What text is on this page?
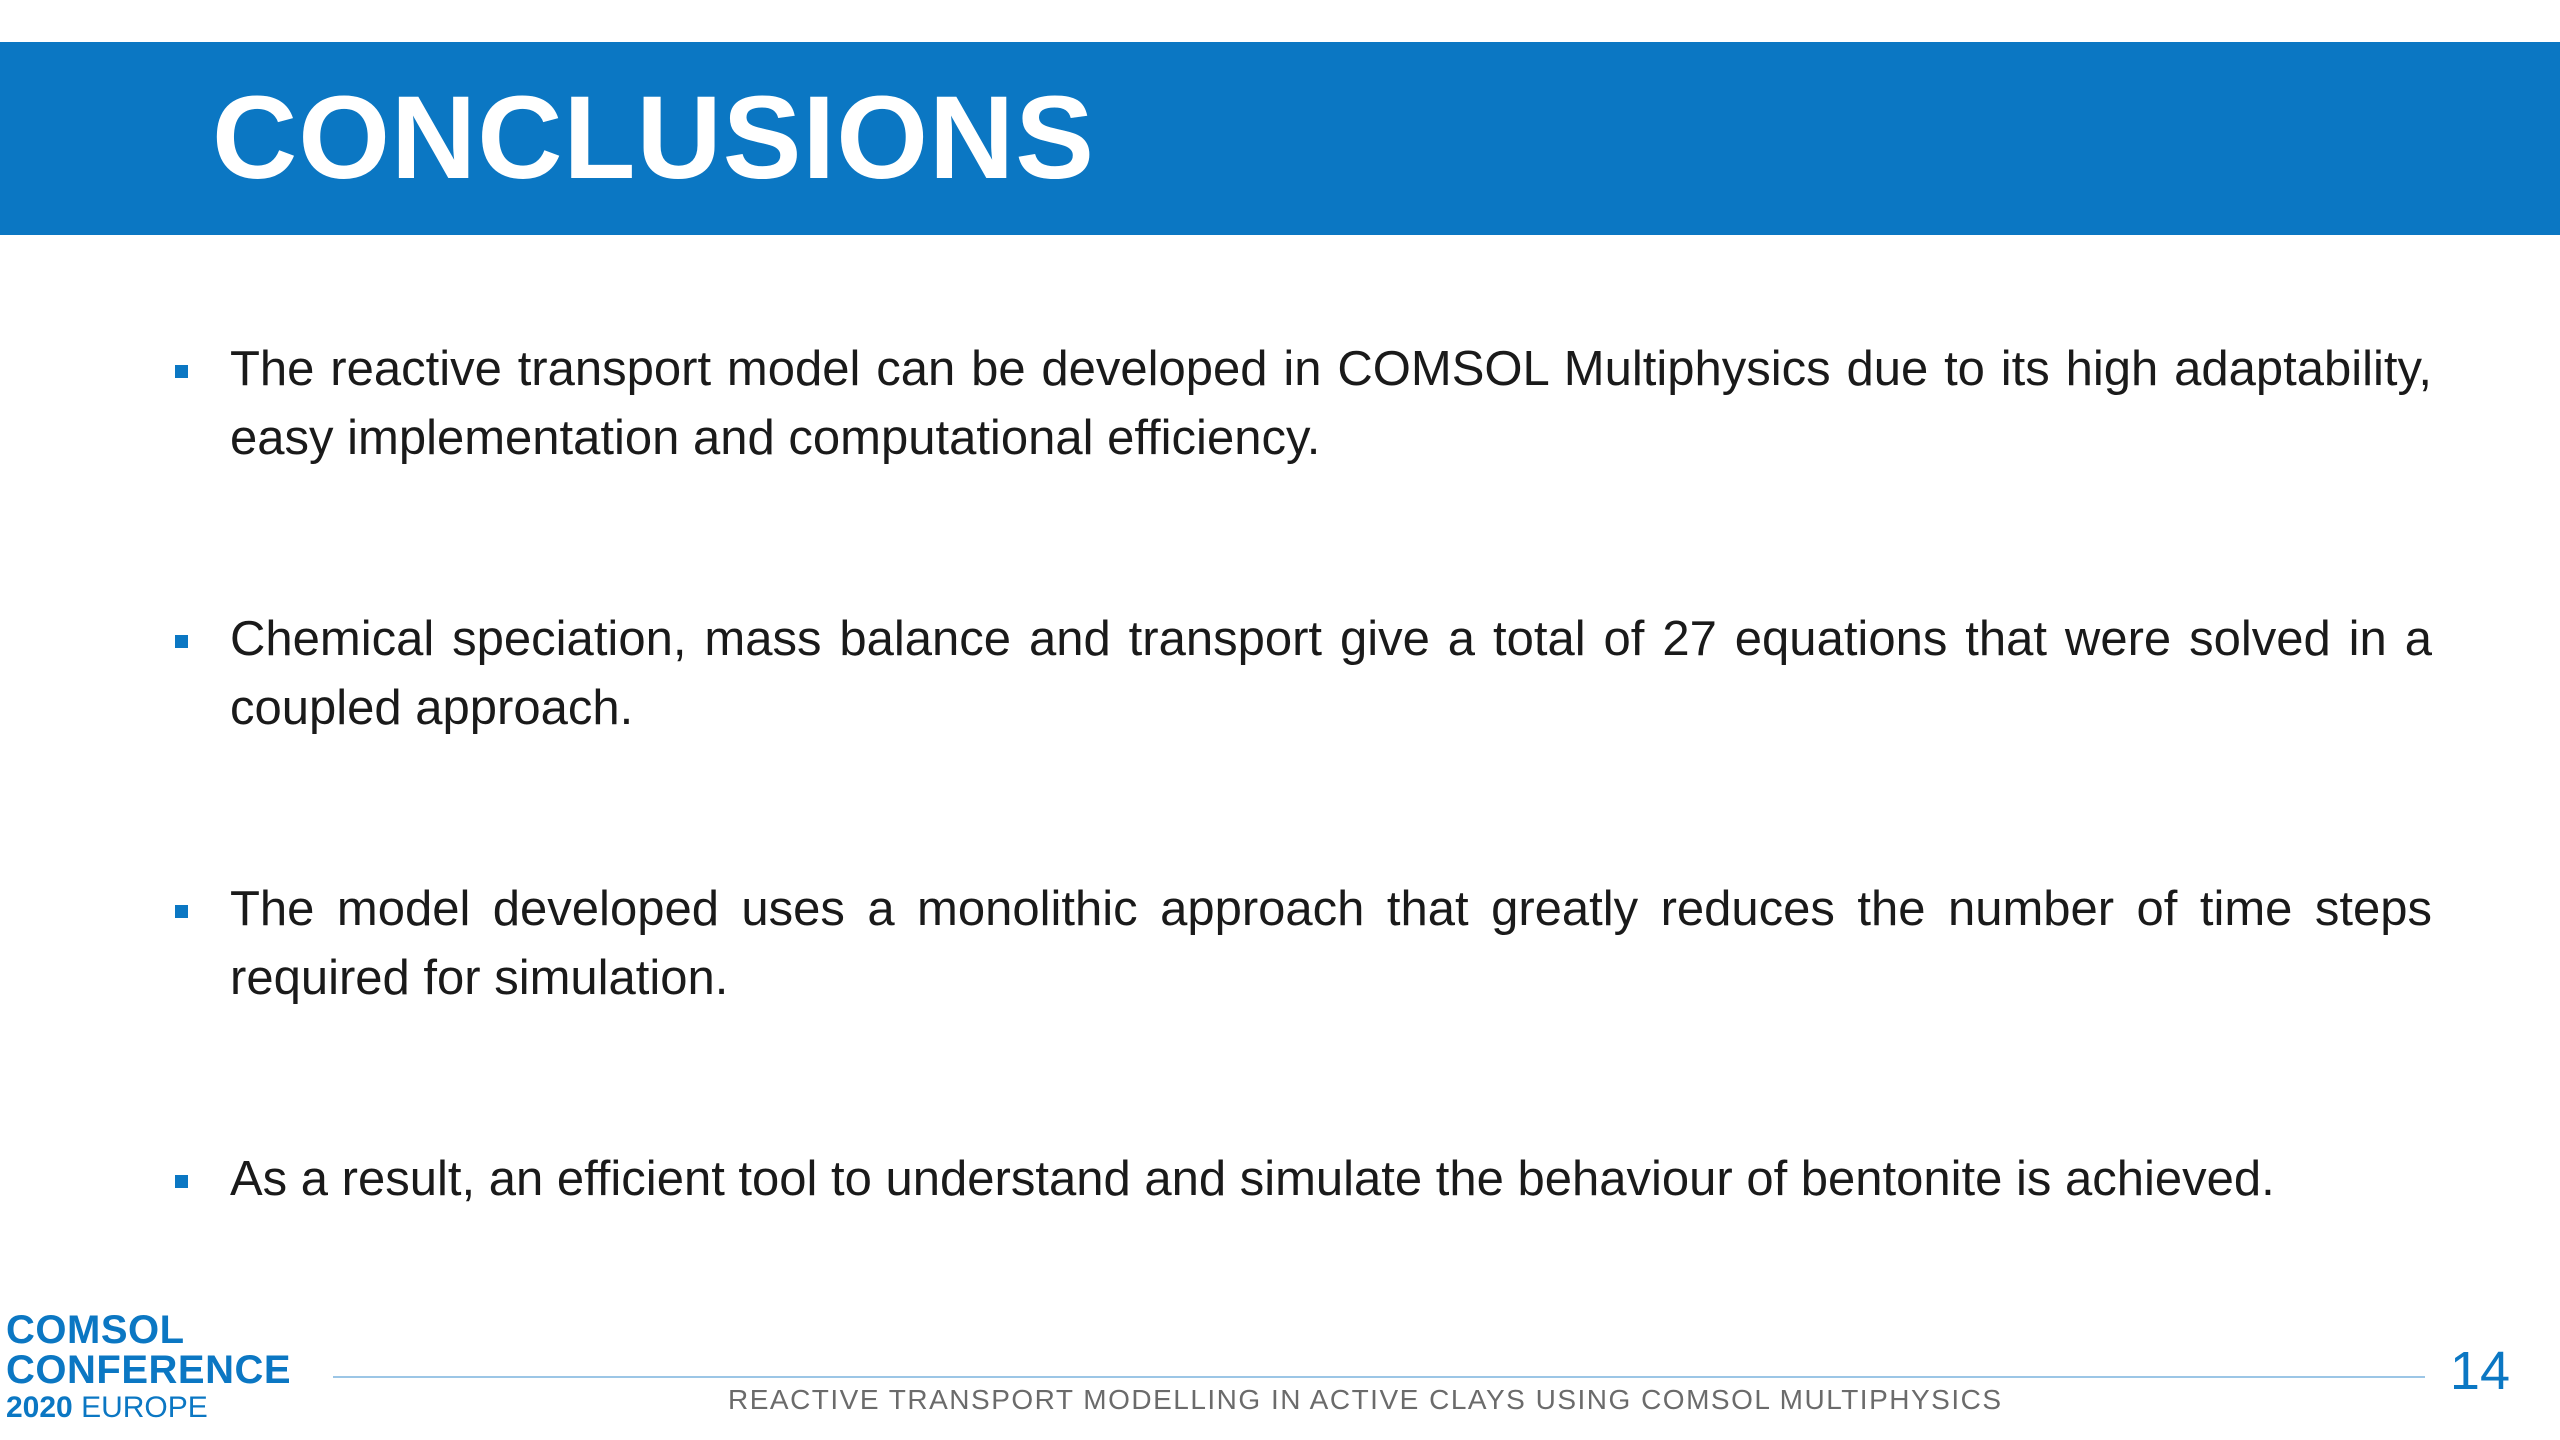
CONCLUSIONS
The reactive transport model can be developed in COMSOL Multiphysics due to its high adaptability, easy implementation and computational efficiency.
Chemical speciation, mass balance and transport give a total of 27 equations that were solved in a coupled approach.
The model developed uses a monolithic approach that greatly reduces the number of time steps required for simulation.
As a result, an efficient tool to understand and simulate the behaviour of bentonite is achieved.
COMSOL
CONFERENCE
2020 EUROPE	REACTIVE TRANSPORT MODELLING IN ACTIVE CLAYS USING COMSOL MULTIPHYSICS	14
